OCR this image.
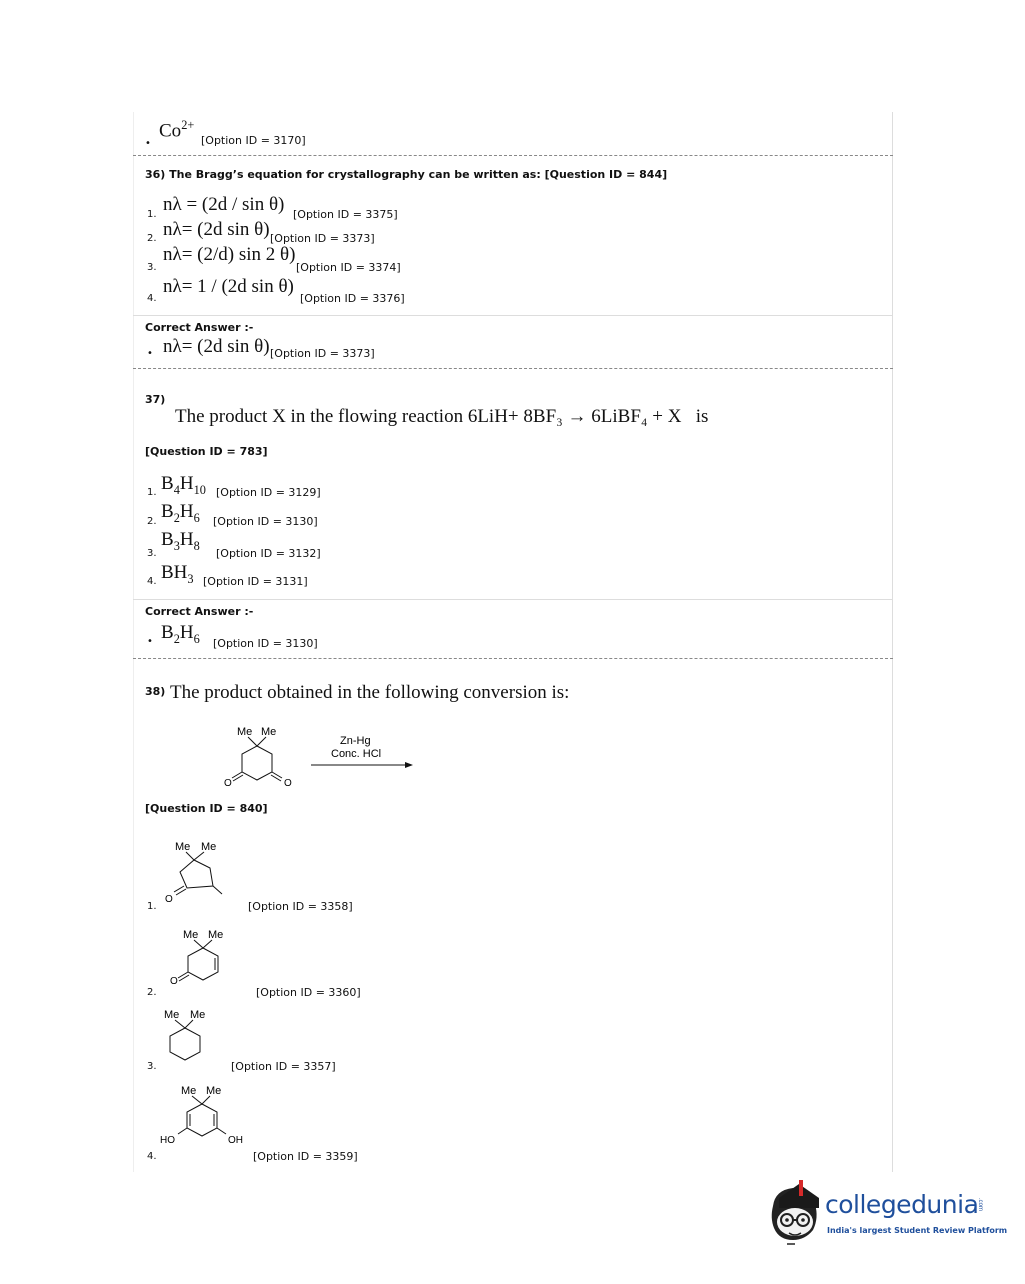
•
$Co^{2+}$
[Option ID = 3170]
36) The Bragg’s equation for crystallography can be written as: [Question ID = 844]
1. nλ = (2d / sin θ) [Option ID = 3375]
2. nλ= (2d sin θ) [Option ID = 3373]
3.
nλ= (2/d) sin 2 θ)
[Option ID = 3374]
4.
nλ= 1 / (2d sin θ)
[Option ID = 3376]
Correct Answer :-
• nλ= (2d sin θ) [Option ID = 3373]
37)
The product X in the flowing reaction 6LiH+ 8BF₃ → 6LiBF₄ + X   is
[Question ID = 783]
1. $B_4H_{10}$ [Option ID = 3129]
2. $B_2H_6$ [Option ID = 3130]
3.
$B_3H_8$
[Option ID = 3132]
4. $BH_3$ [Option ID = 3131]
Correct Answer :-
• $B_2H_6$ [Option ID = 3130]
38) The product obtained in the following conversion is:
Me Me
O	O
Zn-Hg
Conc. HCl
[Question ID = 840]
Me Me
O
1.	[Option ID = 3358]
Me Me
O
2.	[Option ID = 3360]
Me Me
3.	[Option ID = 3357]
Me Me
HO	OH
4.	[Option ID = 3359]
collegedunia
.com
India's largest Student Review Platform
